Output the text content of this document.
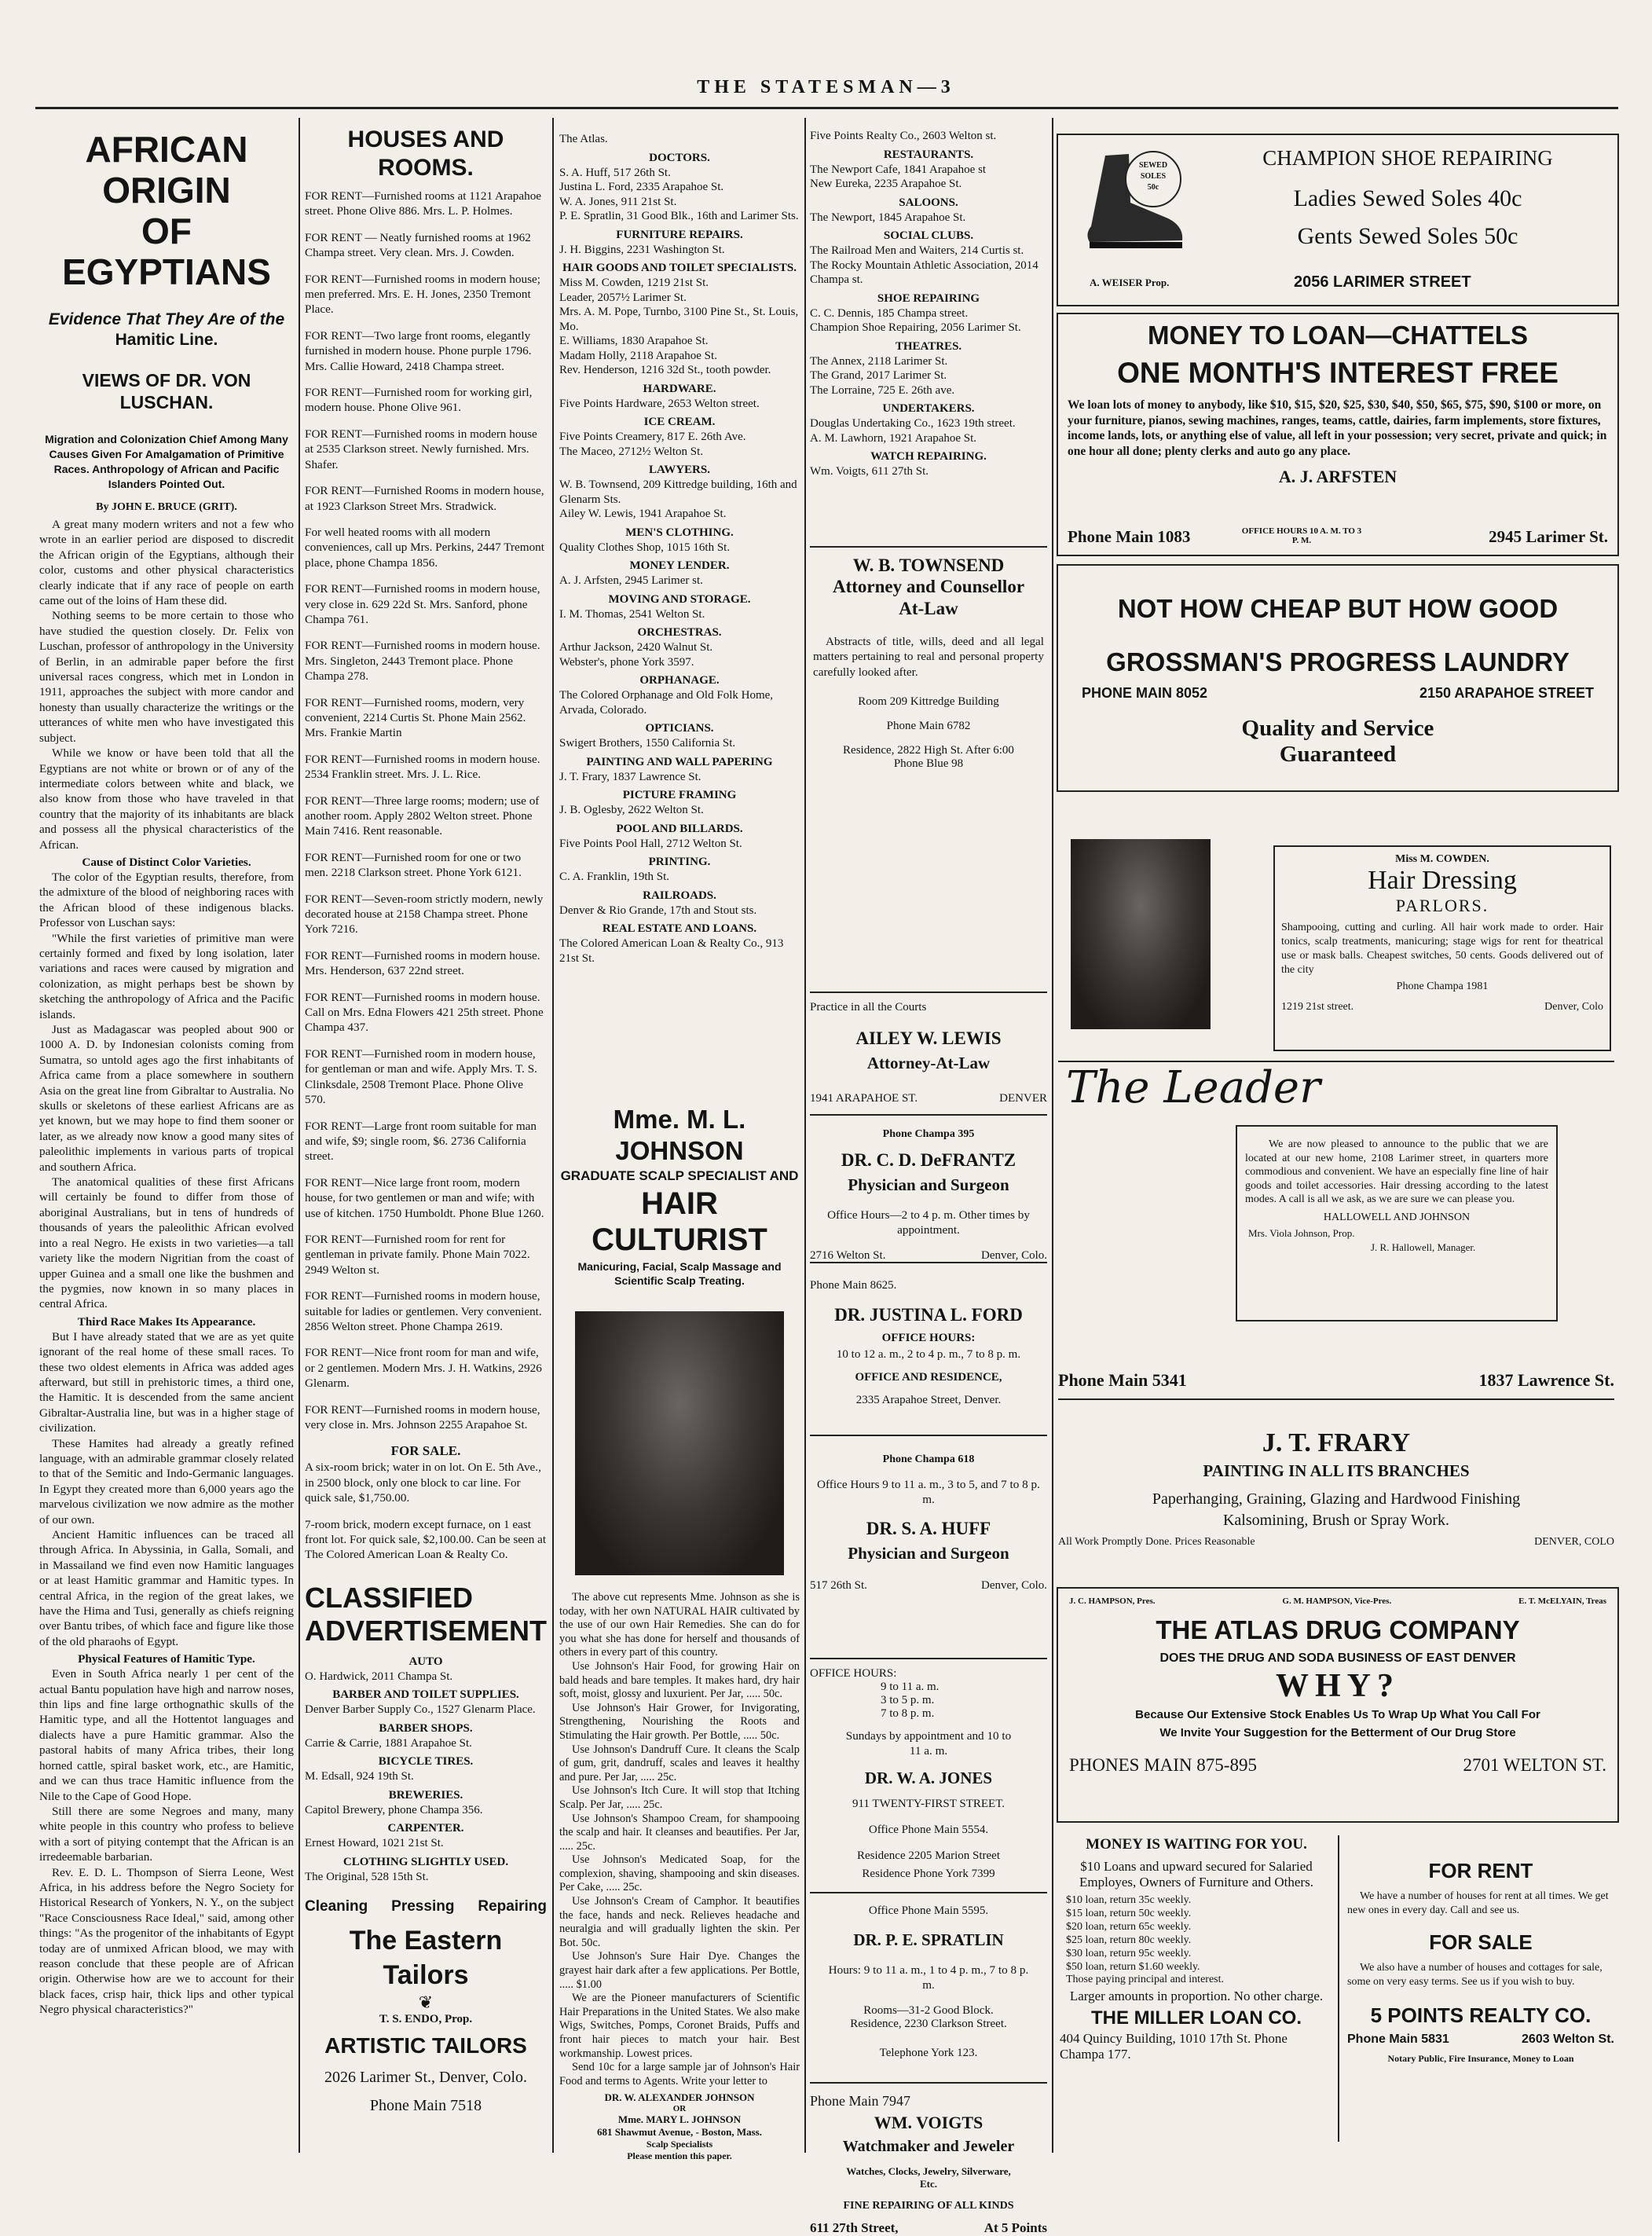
THE STATESMAN—3
AFRICAN ORIGIN
OF EGYPTIANS
Evidence That They Are of the
Hamitic Line.
VIEWS OF DR. VON LUSCHAN.

Migration and Colonization Chief Among Many Causes Given For Amalgamation of Primitive Races. Anthropology of African and Pacific Islanders Pointed Out.

By JOHN E. BRUCE (GRIT).

A great many modern writers and not a few who wrote in an earlier period are disposed to discredit the African origin of the Egyptians, although their color, customs and other physical characteristics clearly indicate that if any race of people on earth came out of the loins of Ham these did.

Nothing seems to be more certain to those who have studied the question closely. Dr. Felix von Luschan, professor of anthropology in the University of Berlin, in an admirable paper before the first universal races congress, which met in London in 1911, approaches the subject with more candor and honesty than usually characterize the writings or the utterances of white men who have investigated this subject.

While we know or have been told that all the Egyptians are not white or brown or of any of the intermediate colors between white and black, we also know from those who have traveled in that country that the majority of its inhabitants are black and possess all the physical characteristics of the African.

Cause of Distinct Color Varieties.

The color of the Egyptian results, therefore, from the admixture of the blood of neighboring races with the African blood of these indigenous blacks. Professor von Luschan says:

"While the first varieties of primitive man were certainly formed and fixed by long isolation, later variations and races were caused by migration and colonization, as might perhaps best be shown by sketching the anthropology of Africa and the Pacific islands.

Just as Madagascar was peopled about 900 or 1000 A. D. by Indonesian colonists coming from Sumatra, so untold ages ago the first inhabitants of Africa came from a place somewhere in southern Asia on the great line from Gibraltar to Australia. No skulls or skeletons of these earliest Africans are as yet known, but we may hope to find them sooner or later, as we already now know a good many sites of paleolithic implements in various parts of tropical and southern Africa.

The anatomical qualities of these first Africans will certainly be found to differ from those of aboriginal Australians, but in tens of hundreds of thousands of years the paleolithic African evolved into a real Negro. He exists in two varieties—a tall variety like the modern Nigritian from the coast of upper Guinea and a small one like the bushmen and the pygmies, now known in so many places in central Africa.

Third Race Makes Its Appearance.

But I have already stated that we are as yet quite ignorant of the real home of these small races. To these two oldest elements in Africa was added ages afterward, but still in prehistoric times, a third one, the Hamitic. It is descended from the same ancient Gibraltar-Australia line, but was in a higher stage of civilization.

These Hamites had already a greatly refined language, with an admirable grammar closely related to that of the Semitic and Indo-Germanic languages. In Egypt they created more than 6,000 years ago the marvelous civilization we now admire as the mother of our own.

Ancient Hamitic influences can be traced all through Africa. In Abyssinia, in Galla, Somali, and in Massailand we find even now Hamitic languages or at least Hamitic grammar and Hamitic types. In central Africa, in the region of the great lakes, we have the Hima and Tusi, generally as chiefs reigning over Bantu tribes, of which face and figure like those of the old pharaohs of Egypt.

Physical Features of Hamitic Type.

Even in South Africa nearly 1 per cent of the actual Bantu population have high and narrow noses, thin lips and fine large orthognathic skulls of the Hamitic type, and all the Hottentot languages and dialects have a pure Hamitic grammar. Also the pastoral habits of many Africa tribes, their long horned cattle, spiral basket work, etc., are Hamitic, and we can thus trace Hamitic influence from the Nile to the Cape of Good Hope.

Still there are some Negroes and many, many white people in this country who profess to believe with a sort of pitying contempt that the African is an irredeemable barbarian.

Rev. E. D. L. Thompson of Sierra Leone, West Africa, in his address before the Negro Society for Historical Research of Yonkers, N. Y., on the subject "Race Consciousness Race Ideal," said, among other things: "As the progenitor of the inhabitants of Egypt today are of unmixed African blood, we may with reason conclude that these people are of African origin. Otherwise how are we to account for their black faces, crisp hair, thick lips and other typical Negro physical characteristics?"

HOUSES AND ROOMS.

FOR RENT—Furnished rooms at 1121 Arapahoe street. Phone Olive 886. Mrs. L. P. Holmes.

FOR RENT — Neatly furnished rooms at 1962 Champa street. Very clean. Mrs. J. Cowden.

FOR RENT—Furnished rooms in modern house; men preferred. Mrs. E. H. Jones, 2350 Tremont Place.

FOR RENT—Two large front rooms, elegantly furnished in modern house. Phone purple 1796. Mrs. Callie Howard, 2418 Champa street.

FOR RENT—Furnished room for working girl, modern house. Phone Olive 961.

FOR RENT—Furnished rooms in modern house at 2535 Clarkson street. Newly furnished. Mrs. Shafer.

FOR RENT—Furnished Rooms in modern house, at 1923 Clarkson Street Mrs. Stradwick.

For well heated rooms with all modern conveniences, call up Mrs. Perkins, 2447 Tremont place, phone Champa 1856.

FOR RENT—Furnished rooms in modern house, very close in. 629 22d St. Mrs. Sanford, phone Champa 761.

FOR RENT—Furnished rooms in modern house. Mrs. Singleton, 2443 Tremont place. Phone Champa 278.

FOR RENT—Furnished rooms, modern, very convenient, 2214 Curtis St. Phone Main 2562. Mrs. Frankie Martin

FOR RENT—Furnished rooms in modern house. 2534 Franklin street. Mrs. J. L. Rice.

FOR RENT—Three large rooms; modern; use of another room. Apply 2802 Welton street. Phone Main 7416. Rent reasonable.

FOR RENT—Furnished room for one or two men. 2218 Clarkson street. Phone York 6121.

FOR RENT—Seven-room strictly modern, newly decorated house at 2158 Champa street. Phone York 7216.

FOR RENT—Furnished rooms in modern house. Mrs. Henderson, 637 22nd street.

FOR RENT—Furnished rooms in modern house. Call on Mrs. Edna Flowers 421 25th street. Phone Champa 437.

FOR RENT—Furnished room in modern house, for gentleman or man and wife. Apply Mrs. T. S. Clinksdale, 2508 Tremont Place. Phone Olive 570.

FOR RENT—Large front room suitable for man and wife, $9; single room, $6. 2736 California street.

FOR RENT—Nice large front room, modern house, for two gentlemen or man and wife; with use of kitchen. 1750 Humboldt. Phone Blue 1260.

FOR RENT—Furnished room for rent for gentleman in private family. Phone Main 7022. 2949 Welton st.

FOR RENT—Furnished rooms in modern house, suitable for ladies or gentlemen. Very convenient. 2856 Welton street. Phone Champa 2619.

FOR RENT—Nice front room for man and wife, or 2 gentlemen. Modern Mrs. J. H. Watkins, 2926 Glenarm.

FOR RENT—Furnished rooms in modern house, very close in. Mrs. Johnson 2255 Arapahoe St.

FOR SALE.

A six-room brick; water in on lot. On E. 5th Ave., in 2500 block, only one block to car line. For quick sale, $1,750.00.

7-room brick, modern except furnace, on 1 east front lot. For quick sale, $2,100.00. Can be seen at The Colored American Loan & Realty Co.

CLASSIFIED
ADVERTISEMENT
AUTO

O. Hardwick, 2011 Champa St.

BARBER AND TOILET SUPPLIES.

Denver Barber Supply Co., 1527 Glenarm Place.

BARBER SHOPS.

Carrie & Carrie, 1881 Arapahoe St.

BICYCLE TIRES.

M. Edsall, 924 19th St.

BREWERIES.

Capitol Brewery, phone Champa 356.

CARPENTER.

Ernest Howard, 1021 21st St.

CLOTHING SLIGHTLY USED.

The Original, 528 15th St.

Cleaning Pressing Repairing
The Eastern Tailors
❦
T. S. ENDO, Prop.
ARTISTIC TAILORS
2026 Larimer St., Denver, Colo.
Phone Main 7518

The Atlas.

DOCTORS.

S. A. Huff, 517 26th St.

Justina L. Ford, 2335 Arapahoe St.

W. A. Jones, 911 21st St.

P. E. Spratlin, 31 Good Blk., 16th and Larimer Sts.

FURNITURE REPAIRS.

J. H. Biggins, 2231 Washington St.

HAIR GOODS AND TOILET SPECIALISTS.

Miss M. Cowden, 1219 21st St.

Leader, 2057½ Larimer St.

Mrs. A. M. Pope, Turnbo, 3100 Pine St., St. Louis, Mo.

E. Williams, 1830 Arapahoe St.

Madam Holly, 2118 Arapahoe St.

Rev. Henderson, 1216 32d St., tooth powder.

HARDWARE.

Five Points Hardware, 2653 Welton street.

ICE CREAM.

Five Points Creamery, 817 E. 26th Ave.

The Maceo, 2712½ Welton St.

LAWYERS.

W. B. Townsend, 209 Kittredge building, 16th and Glenarm Sts.

Ailey W. Lewis, 1941 Arapahoe St.

MEN'S CLOTHING.

Quality Clothes Shop, 1015 16th St.

MONEY LENDER.

A. J. Arfsten, 2945 Larimer st.

MOVING AND STORAGE.

I. M. Thomas, 2541 Welton St.

ORCHESTRAS.

Arthur Jackson, 2420 Walnut St.

Webster's, phone York 3597.

ORPHANAGE.

The Colored Orphanage and Old Folk Home, Arvada, Colorado.

OPTICIANS.

Swigert Brothers, 1550 California St.

PAINTING AND WALL PAPERING

J. T. Frary, 1837 Lawrence St.

PICTURE FRAMING

J. B. Oglesby, 2622 Welton St.

POOL AND BILLARDS.

Five Points Pool Hall, 2712 Welton St.

PRINTING.

C. A. Franklin, 19th St.

RAILROADS.

Denver & Rio Grande, 17th and Stout sts.

REAL ESTATE AND LOANS.

The Colored American Loan & Realty Co., 913 21st St.

Mme. M. L. JOHNSON
GRADUATE SCALP SPECIALIST AND
HAIR CULTURIST
Manicuring, Facial, Scalp Massage and Scientific Scalp Treating.

The above cut represents Mme. Johnson as she is today, with her own NATURAL HAIR cultivated by the use of our own Hair Remedies. She can do for you what she has done for herself and thousands of others in every part of this country.

Use Johnson's Hair Food, for growing Hair on bald heads and bare temples. It makes hard, dry hair soft, moist, glossy and luxurient. Per Jar, ..... 50c.

Use Johnson's Hair Grower, for Invigorating, Strengthening, Nourishing the Roots and Stimulating the Hair growth. Per Bottle, ..... 50c.

Use Johnson's Dandruff Cure. It cleans the Scalp of gum, grit, dandruff, scales and leaves it healthy and pure. Per Jar, ..... 25c.

Use Johnson's Itch Cure. It will stop that Itching Scalp. Per Jar, ..... 25c.

Use Johnson's Shampoo Cream, for shampooing the scalp and hair. It cleanses and beautifies. Per Jar, ..... 25c.

Use Johnson's Medicated Soap, for the complexion, shaving, shampooing and skin diseases. Per Cake, ..... 25c.

Use Johnson's Cream of Camphor. It beautifies the face, hands and neck. Relieves headache and neuralgia and will gradually lighten the skin. Per Bot. 50c.

Use Johnson's Sure Hair Dye. Changes the grayest hair dark after a few applications. Per Bottle, ..... $1.00

We are the Pioneer manufacturers of Scientific Hair Preparations in the United States. We also make Wigs, Switches, Pomps, Coronet Braids, Puffs and front hair pieces to match your hair. Best workmanship. Lowest prices.

Send 10c for a large sample jar of Johnson's Hair Food and terms to Agents. Write your letter to

DR. W. ALEXANDER JOHNSON
OR
Mme. MARY L. JOHNSON
681 Shawmut Avenue, - Boston, Mass.
Scalp Specialists
Please mention this paper.

Five Points Realty Co., 2603 Welton st.

RESTAURANTS.

The Newport Cafe, 1841 Arapahoe st

New Eureka, 2235 Arapahoe St.

SALOONS.

The Newport, 1845 Arapahoe St.

SOCIAL CLUBS.

The Railroad Men and Waiters, 214 Curtis st.

The Rocky Mountain Athletic Association, 2014 Champa st.

SHOE REPAIRING

C. C. Dennis, 185 Champa street.

Champion Shoe Repairing, 2056 Larimer St.

THEATRES.

The Annex, 2118 Larimer St.

The Grand, 2017 Larimer St.

The Lorraine, 725 E. 26th ave.

UNDERTAKERS.

Douglas Undertaking Co., 1623 19th street.

A. M. Lawhorn, 1921 Arapahoe St.

WATCH REPAIRING.

Wm. Voigts, 611 27th St.

W. B. TOWNSEND
Attorney and Counsellor
At-Law

Abstracts of title, wills, deed and all legal matters pertaining to real and personal property carefully looked after.

Room 209 Kittredge Building
Phone Main 6782
Residence, 2822 High St. After 6:00
Phone Blue 98
Practice in all the Courts
AILEY W. LEWIS
Attorney-At-Law
1941 ARAPAHOE ST.	DENVER
Phone Champa 395
DR. C. D. DeFRANTZ
Physician and Surgeon

Office Hours—2 to 4 p. m. Other times by appointment.

2716 Welton St.	Denver, Colo.
Phone Main 8625.
DR. JUSTINA L. FORD
OFFICE HOURS:
10 to 12 a. m., 2 to 4 p. m., 7 to 8 p. m.
OFFICE AND RESIDENCE,
2335 Arapahoe Street, Denver.
Phone Champa 618

Office Hours 9 to 11 a. m., 3 to 5, and 7 to 8 p. m.

DR. S. A. HUFF
Physician and Surgeon
517 26th St.	Denver, Colo.
OFFICE HOURS:
9 to 11 a. m.
3 to 5 p. m.
7 to 8 p. m.

Sundays by appointment and 10 to 11 a. m.

DR. W. A. JONES
911 TWENTY-FIRST STREET.
Office Phone Main 5554.
Residence 2205 Marion Street
Residence Phone York 7399
Office Phone Main 5595.
DR. P. E. SPRATLIN

Hours: 9 to 11 a. m., 1 to 4 p. m., 7 to 8 p. m.

Rooms—31-2 Good Block.
Residence, 2230 Clarkson Street.
Telephone York 123.
Phone Main 7947
WM. VOIGTS
Watchmaker and Jeweler
Watches, Clocks, Jewelry, Silverware, Etc.
FINE REPAIRING OF ALL KINDS
611 27th Street,	At 5 Points
SEWED
SOLES
50c
CHAMPION SHOE REPAIRING
Ladies Sewed Soles 40c
Gents Sewed Soles 50c
A. WEISER Prop.	2056 LARIMER STREET
MONEY TO LOAN—CHATTELS
ONE MONTH'S INTEREST FREE

We loan lots of money to anybody, like $10, $15, $20, $25, $30, $40, $50, $65, $75, $90, $100 or more, on your furniture, pianos, sewing machines, ranges, teams, cattle, dairies, farm implements, store fixtures, income lands, lots, or anything else of value, all left in your possession; very secret, private and quick; in one hour all done; plenty clerks and auto go any place.

A. J. ARFSTEN
Phone Main 1083	OFFICE HOURS 10 A. M. TO 3 P. M.	2945 Larimer St.
NOT HOW CHEAP BUT HOW GOOD
GROSSMAN'S PROGRESS LAUNDRY
PHONE MAIN 8052	2150 ARAPAHOE STREET
Quality and Service
Guaranteed
Miss M. COWDEN.
Hair Dressing
PARLORS.

Shampooing, cutting and curling. All hair work made to order. Hair tonics, scalp treatments, manicuring; stage wigs for rent for theatrical use or mask balls. Cheapest switches, 50 cents. Goods delivered out of the city

Phone Champa 1981
1219 21st street.	Denver, Colo
The Leader

We are now pleased to announce to the public that we are located at our new home, 2108 Larimer street, in quarters more commodious and convenient. We have an especially fine line of hair goods and toilet accessories. Hair dressing according to the latest modes. A call is all we ask, as we are sure we can please you.

HALLOWELL AND JOHNSON
Mrs. Viola Johnson, Prop.
J. R. Hallowell, Manager.
Phone Main 5341	1837 Lawrence St.
J. T. FRARY
PAINTING IN ALL ITS BRANCHES
Paperhanging, Graining, Glazing and Hardwood Finishing
Kalsomining, Brush or Spray Work.
All Work Promptly Done. Prices Reasonable	DENVER, COLO
J. C. HAMPSON, Pres.	G. M. HAMPSON, Vice-Pres.	E. T. McELYAIN, Treas
THE ATLAS DRUG COMPANY
DOES THE DRUG AND SODA BUSINESS OF EAST DENVER
WHY?
Because Our Extensive Stock Enables Us To Wrap Up What You Call For
We Invite Your Suggestion for the Betterment of Our Drug Store
PHONES MAIN 875-895	2701 WELTON ST.
MONEY IS WAITING FOR YOU.

$10 Loans and upward secured for Salaried Employes, Owners of Furniture and Others.

$10 loan, return 35c weekly.
$15 loan, return 50c weekly.
$20 loan, return 65c weekly.
$25 loan, return 80c weekly.
$30 loan, return 95c weekly.
$50 loan, return $1.60 weekly.
Those paying principal and interest.

Larger amounts in proportion. No other charge.

THE MILLER LOAN CO.

404 Quincy Building, 1010 17th St. Phone Champa 177.

FOR RENT

We have a number of houses for rent at all times. We get new ones in every day. Call and see us.

FOR SALE

We also have a number of houses and cottages for sale, some on very easy terms. See us if you wish to buy.

5 POINTS REALTY CO.
Phone Main 5831	2603 Welton St.
Notary Public, Fire Insurance, Money to Loan
